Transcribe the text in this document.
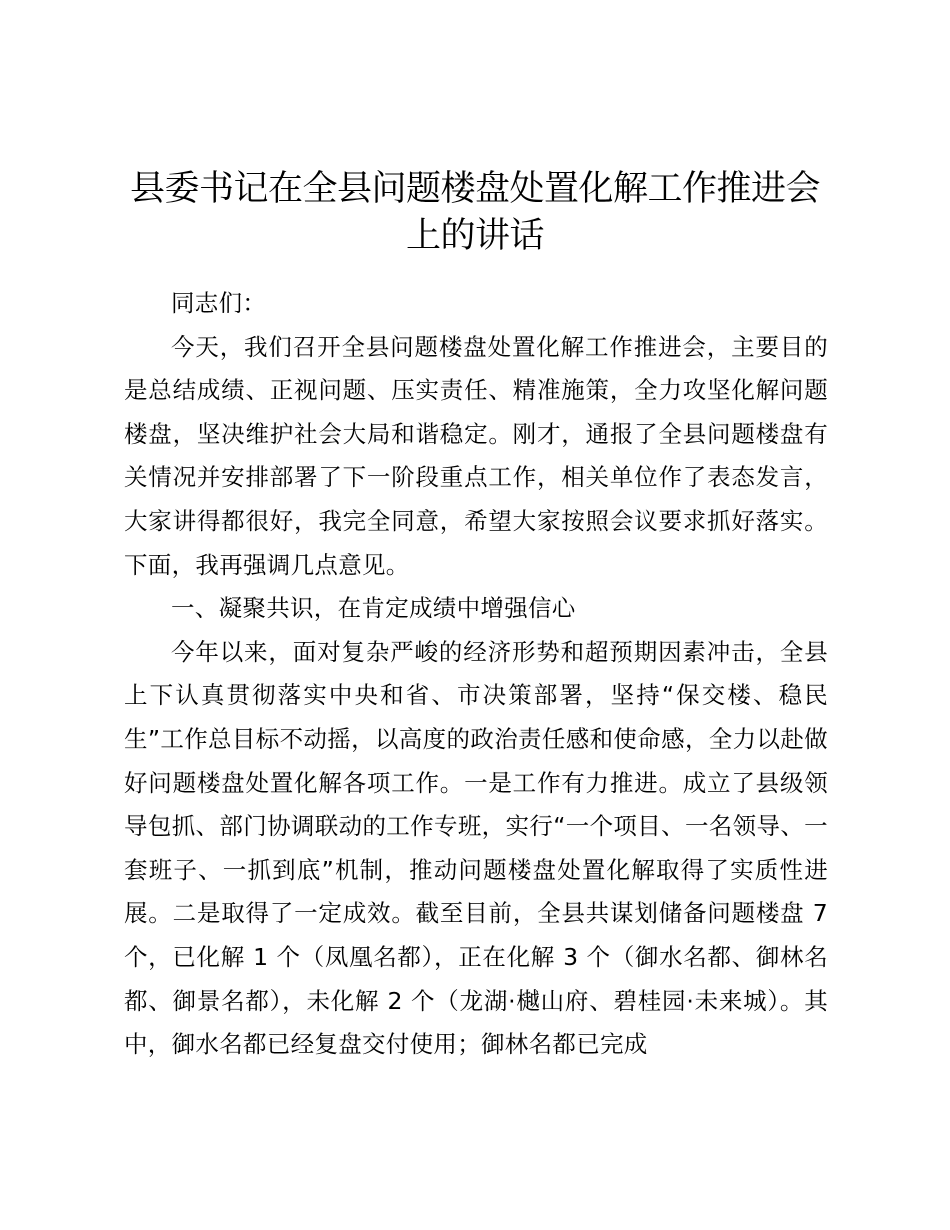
县委书记在全县问题楼盘处置化解工作推进会
上的讲话

同志们：

今天，我们召开全县问题楼盘处置化解工作推进会，主要目的是总结成绩、正视问题、压实责任、精准施策，全力攻坚化解问题楼盘，坚决维护社会大局和谐稳定。刚才，通报了全县问题楼盘有关情况并安排部署了下一阶段重点工作，相关单位作了表态发言，大家讲得都很好，我完全同意，希望大家按照会议要求抓好落实。下面，我再强调几点意见。

一、凝聚共识，在肯定成绩中增强信心

今年以来，面对复杂严峻的经济形势和超预期因素冲击，全县上下认真贯彻落实中央和省、市决策部署，坚持“保交楼、稳民生”工作总目标不动摇，以高度的政治责任感和使命感，全力以赴做好问题楼盘处置化解各项工作。一是工作有力推进。成立了县级领导包抓、部门协调联动的工作专班，实行“一个项目、一名领导、一套班子、一抓到底”机制，推动问题楼盘处置化解取得了实质性进展。二是取得了一定成效。截至目前，全县共谋划储备问题楼盘 7 个，已化解 1 个（凤凰名都），正在化解 3 个（御水名都、御林名都、御景名都），未化解 2 个（龙湖·樾山府、碧桂园·未来城）。其中，御水名都已经复盘交付使用；御林名都已完成
